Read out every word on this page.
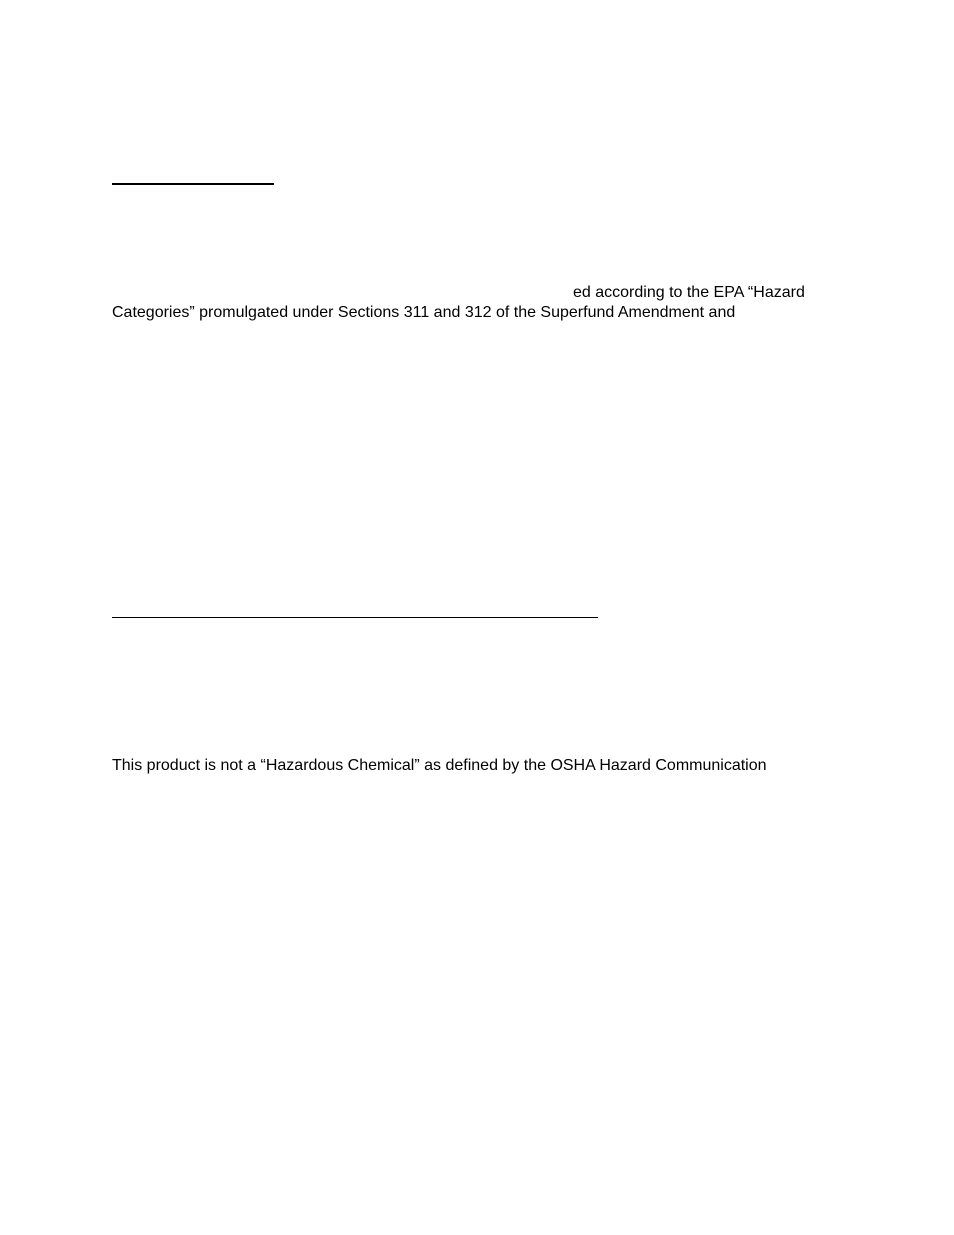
ed according to the EPA “Hazard
Categories” promulgated under Sections 311 and 312 of the Superfund Amendment and
This product is not a “Hazardous Chemical” as defined by the OSHA Hazard Communication
